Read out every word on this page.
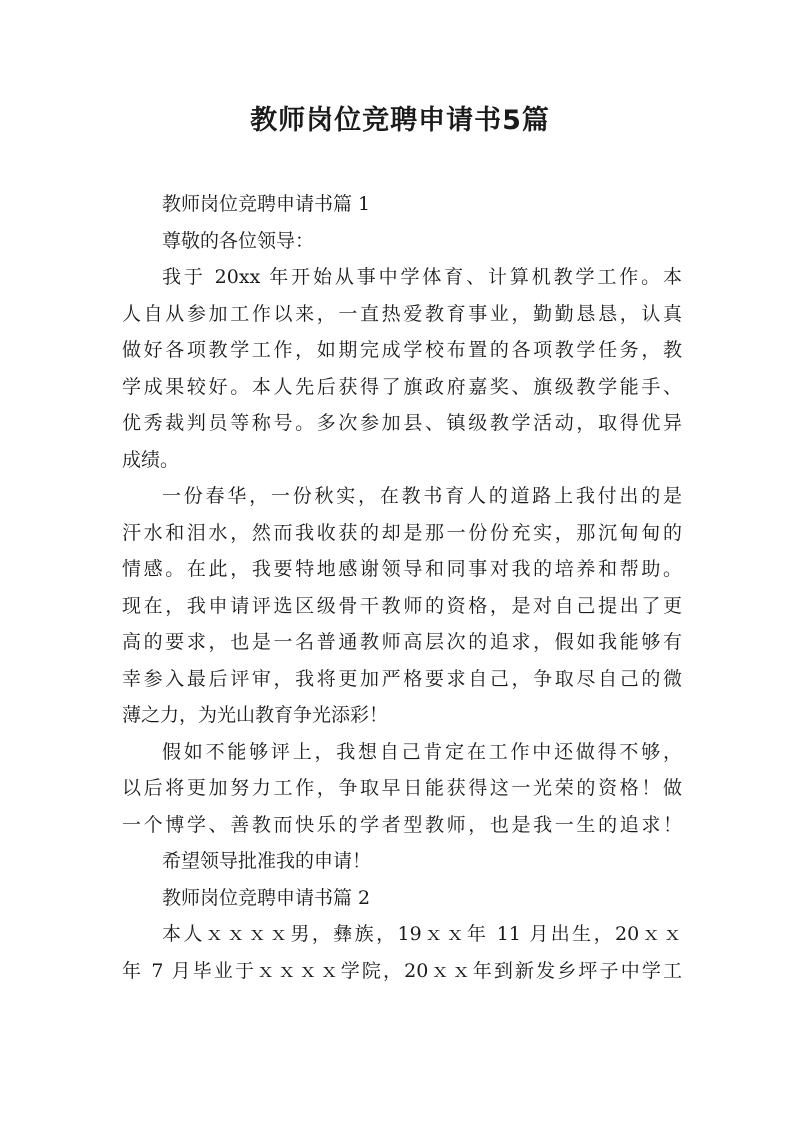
教师岗位竞聘申请书5篇
教师岗位竞聘申请书篇 1
尊敬的各位领导：
我于 20xx 年开始从事中学体育、计算机教学工作。本
人自从参加工作以来，一直热爱教育事业，勤勤恳恳，认真
做好各项教学工作，如期完成学校布置的各项教学任务，教
学成果较好。本人先后获得了旗政府嘉奖、旗级教学能手、
优秀裁判员等称号。多次参加县、镇级教学活动，取得优异
成绩。
一份春华，一份秋实，在教书育人的道路上我付出的是
汗水和泪水，然而我收获的却是那一份份充实，那沉甸甸的
情感。在此，我要特地感谢领导和同事对我的培养和帮助。
现在，我申请评选区级骨干教师的资格，是对自己提出了更
高的要求，也是一名普通教师高层次的追求，假如我能够有
幸参入最后评审，我将更加严格要求自己，争取尽自己的微
薄之力，为光山教育争光添彩！
假如不能够评上，我想自己肯定在工作中还做得不够，
以后将更加努力工作，争取早日能获得这一光荣的资格！做
一个博学、善教而快乐的学者型教师，也是我一生的追求！
希望领导批准我的申请！
教师岗位竞聘申请书篇 2
本人ｘｘｘｘ男，彝族，19ｘｘ年 11 月出生，20ｘｘ
年 7 月毕业于ｘｘｘｘ学院，20ｘｘ年到新发乡坪子中学工
